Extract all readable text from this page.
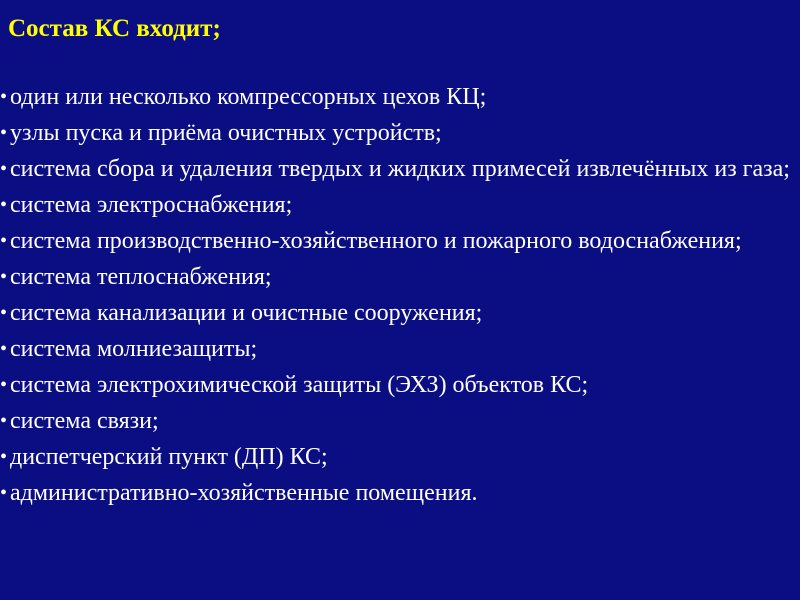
Состав КС входит;
• один или несколько компрессорных цехов КЦ;
• узлы пуска и приёма очистных устройств;
• система сбора и удаления твердых и жидких примесей извлечённых из газа;
• система электроснабжения;
• система производственно-хозяйственного и пожарного водоснабжения;
• система теплоснабжения;
• система канализации и очистные сооружения;
• система молниезащиты;
• система электрохимической защиты (ЭХЗ) объектов КС;
• система связи;
• диспетчерский пункт (ДП) КС;
• административно-хозяйственные помещения.
